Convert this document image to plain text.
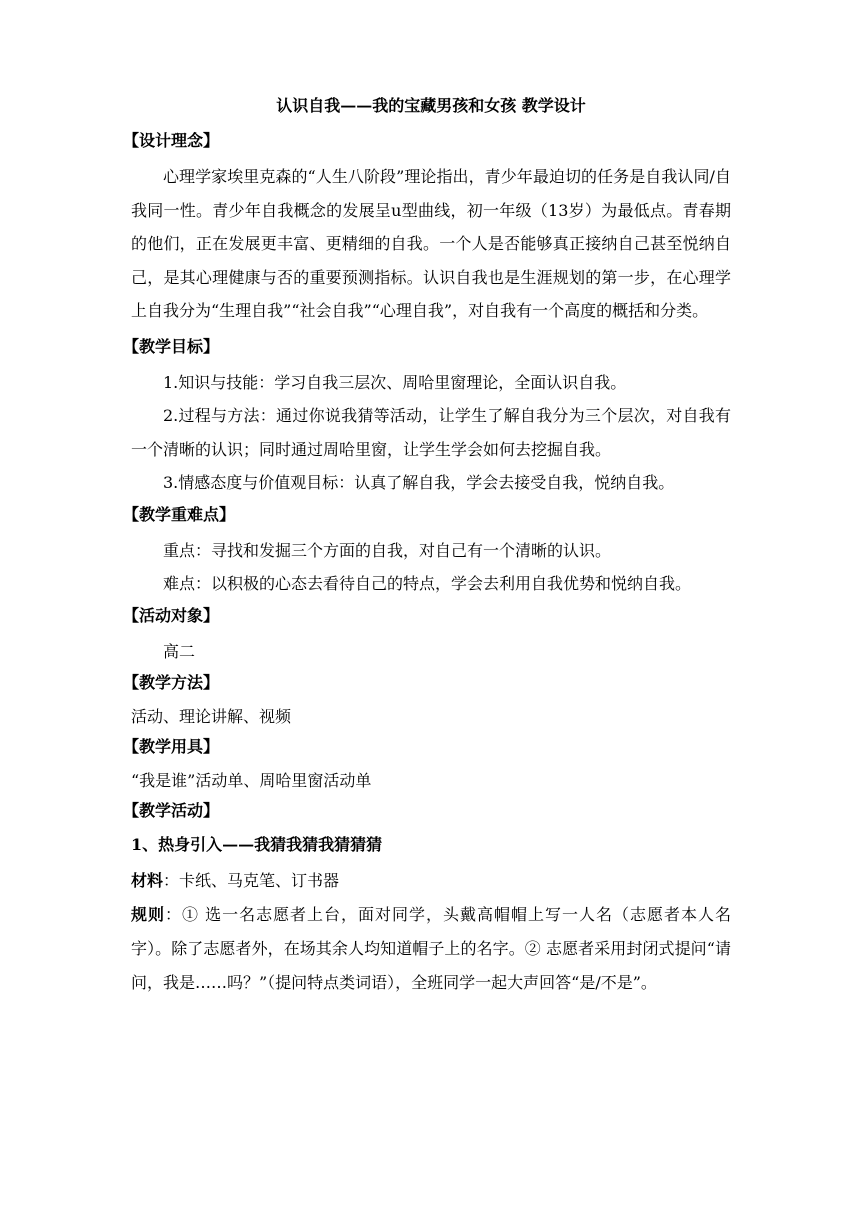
认识自我——我的宝藏男孩和女孩 教学设计
【设计理念】

心理学家埃里克森的“人生八阶段”理论指出，青少年最迫切的任务是自我认同/自我同一性。青少年自我概念的发展呈u型曲线，初一年级（13岁）为最低点。青春期的他们，正在发展更丰富、更精细的自我。一个人是否能够真正接纳自己甚至悦纳自己，是其心理健康与否的重要预测指标。认识自我也是生涯规划的第一步，在心理学上自我分为“生理自我”“社会自我”“心理自我”，对自我有一个高度的概括和分类。

【教学目标】

1.知识与技能：学习自我三层次、周哈里窗理论，全面认识自我。

2.过程与方法：通过你说我猜等活动，让学生了解自我分为三个层次，对自我有一个清晰的认识；同时通过周哈里窗，让学生学会如何去挖掘自我。

3.情感态度与价值观目标：认真了解自我，学会去接受自我，悦纳自我。

【教学重难点】

重点：寻找和发掘三个方面的自我，对自己有一个清晰的认识。

难点：以积极的心态去看待自己的特点，学会去利用自我优势和悦纳自我。

【活动对象】

高二

【教学方法】

活动、理论讲解、视频

【教学用具】

“我是谁”活动单、周哈里窗活动单

【教学活动】
1、热身引入——我猜我猜我猜猜猜

材料：卡纸、马克笔、订书器

规则：① 选一名志愿者上台，面对同学，头戴高帽帽上写一人名（志愿者本人名字）。除了志愿者外，在场其余人均知道帽子上的名字。② 志愿者采用封闭式提问“请问，我是……吗？”（提问特点类词语），全班同学一起大声回答“是/不是”。
